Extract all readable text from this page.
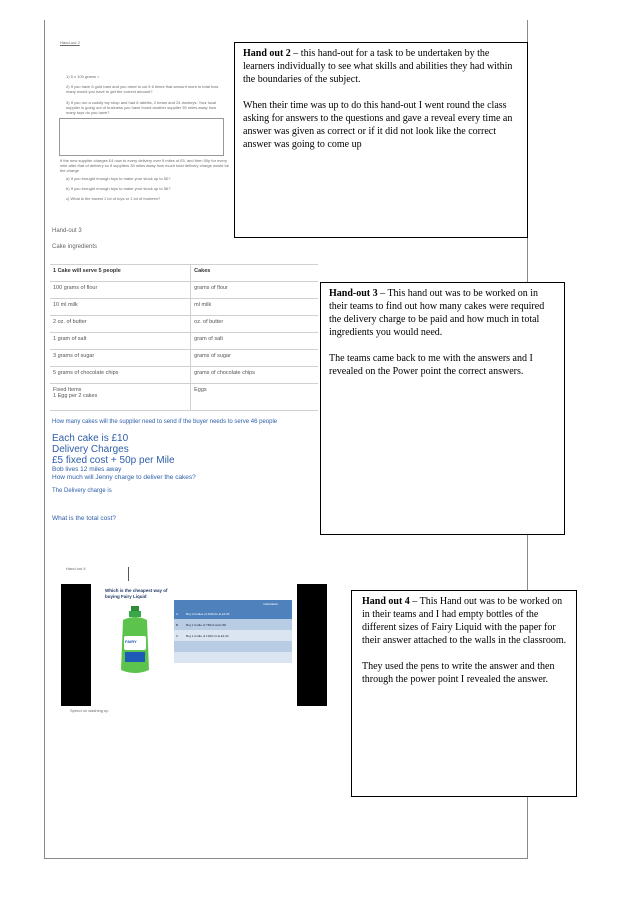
Hand-out 2
1) 5 x 100 grams =
2) If you have 6 gold bars and you need to cut it 6 times that amount more in total how many would you have to get the correct amount?
3) If you run a cuddly toy shop and had 6 rabbits, 2 bears and 24 donkeys. Your local supplier is going out of business you have found another supplier 35 miles away how many toys do you have?
If the new supplier charges £4 now to every delivery over 5 miles of £5, and then 50p for every mile after that of delivery so if suppliers 35 miles away how much total delivery charge would be the charge
a) If you brought enough toys to make your stock up to 50?
b) If you brought enough toys to make your stock up to 56?
c) What is the lowest 1 lot of toys or 1 lot of fourteen?
Hand-out 3
Cake ingredients
1 Cake will serve 5 people	Cakes
100 grams of flour	grams of flour
10 ml milk	ml milk
2 oz. of butter	oz. of butter
1 gram of salt	gram of salt
3 grams of sugar	grams of sugar
5 grams of chocolate chips	grams of chocolate chips
Fixed Items
1 Egg per 2 cakes	Eggs
How many cakes will the supplier need to send if the buyer needs to serve 46 people
Each cake is £10
Delivery Charges
£5 fixed cost + 50p per Mile
Bob lives 12 miles away
How much will Jenny charge to deliver the cakes?
The Delivery charge is
What is the total cost?
Hand out 4
Which is the cheapest way of buying Fairy Liquid
FAIRY
		Calculation
A	Buy 2 bottles of 433ml's at £2.00	
B	Buy 1 bottle of 750ml at £1.58	
C	Buy 1 bottle of 1320 ml at £2.20	

Spend on washing up

Hand out 2 – this hand-out for a task to be undertaken by the learners individually to see what skills and abilities they had within the boundaries of the subject.

When their time was up to do this hand-out I went round the class asking for answers to the questions and gave a reveal every time an answer was given as correct or if it did not look like the correct answer was going to come up

Hand-out 3 – This hand out was to be worked on in their teams to find out how many cakes were required the delivery charge to be paid and how much in total ingredients you would need.

The teams came back to me with the answers and I revealed on the Power point the correct answers.

Hand out 4 – This Hand out was to be worked on in their teams and I had empty bottles of the different sizes of Fairy Liquid with the paper for their answer attached to the walls in the classroom.

They used the pens to write the answer and then through the power point I revealed the answer.
